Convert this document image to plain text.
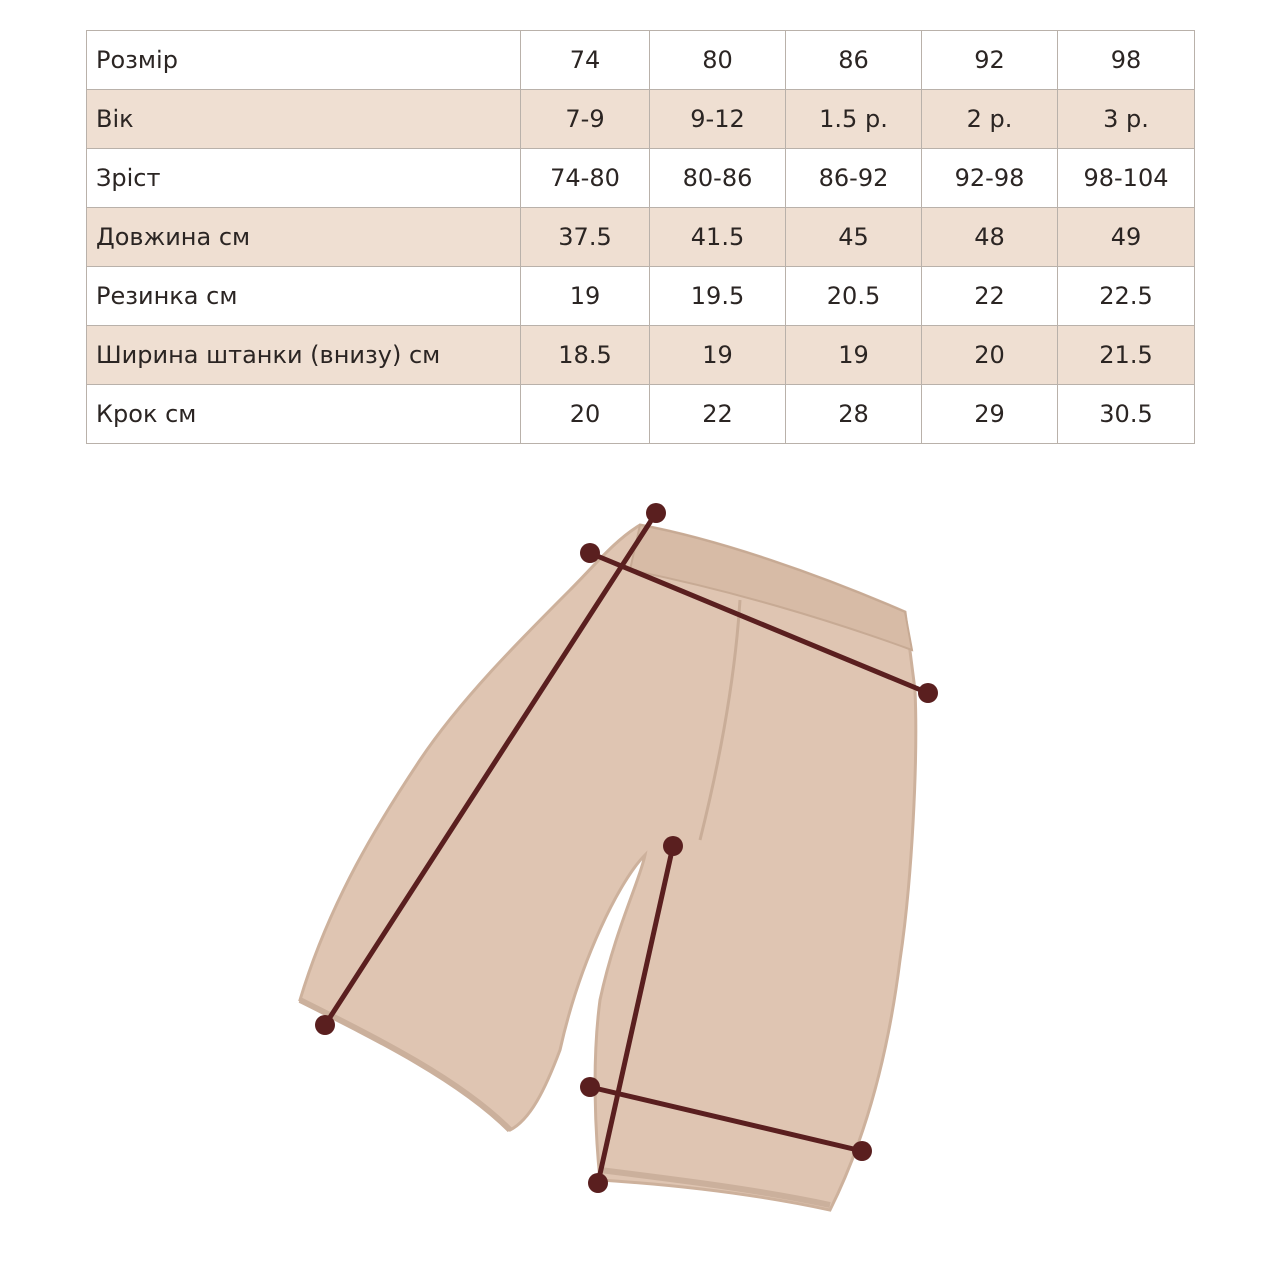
Розмір	74	80	86	92	98
Вік	7-9	9-12	1.5 р.	2 р.	3 р.
Зріст	74-80	80-86	86-92	92-98	98-104
Довжина см	37.5	41.5	45	48	49
Резинка см	19	19.5	20.5	22	22.5
Ширина штанки (внизу) см	18.5	19	19	20	21.5
Крок см	20	22	28	29	30.5
